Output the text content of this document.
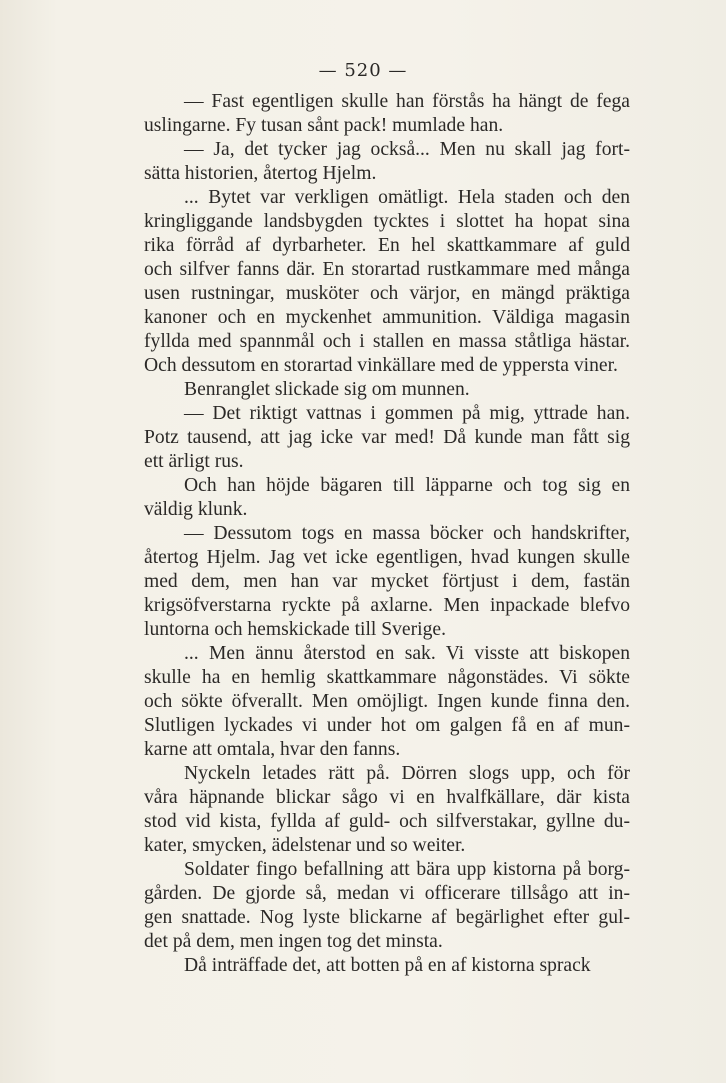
— 520 —
— Fast egentligen skulle han förstås ha hängt de fega
uslingarne. Fy tusan sånt pack! mumlade han.
— Ja, det tycker jag också... Men nu skall jag fort-
sätta historien, återtog Hjelm.
... Bytet var verkligen omätligt. Hela staden och den
kringliggande landsbygden tycktes i slottet ha hopat sina
rika förråd af dyrbarheter. En hel skattkammare af guld
och silfver fanns där. En storartad rustkammare med många
usen rustningar, musköter och värjor, en mängd präktiga
kanoner och en myckenhet ammunition. Väldiga magasin
fyllda med spannmål och i stallen en massa ståtliga hästar.
Och dessutom en storartad vinkällare med de yppersta viner.
Benranglet slickade sig om munnen.
— Det riktigt vattnas i gommen på mig, yttrade han.
Potz tausend, att jag icke var med! Då kunde man fått sig
ett ärligt rus.
Och han höjde bägaren till läpparne och tog sig en
väldig klunk.
— Dessutom togs en massa böcker och handskrifter,
återtog Hjelm. Jag vet icke egentligen, hvad kungen skulle
med dem, men han var mycket förtjust i dem, fastän
krigsöfverstarna ryckte på axlarne. Men inpackade blefvo
luntorna och hemskickade till Sverige.
... Men ännu återstod en sak. Vi visste att biskopen
skulle ha en hemlig skattkammare någonstädes. Vi sökte
och sökte öfverallt. Men omöjligt. Ingen kunde finna den.
Slutligen lyckades vi under hot om galgen få en af mun-
karne att omtala, hvar den fanns.
Nyckeln letades rätt på. Dörren slogs upp, och för
våra häpnande blickar sågo vi en hvalfkällare, där kista
stod vid kista, fyllda af guld- och silfverstakar, gyllne du-
kater, smycken, ädelstenar und so weiter.
Soldater fingo befallning att bära upp kistorna på borg-
gården. De gjorde så, medan vi officerare tillsågo att in-
gen snattade. Nog lyste blickarne af begärlighet efter gul-
det på dem, men ingen tog det minsta.
Då inträffade det, att botten på en af kistorna sprack
